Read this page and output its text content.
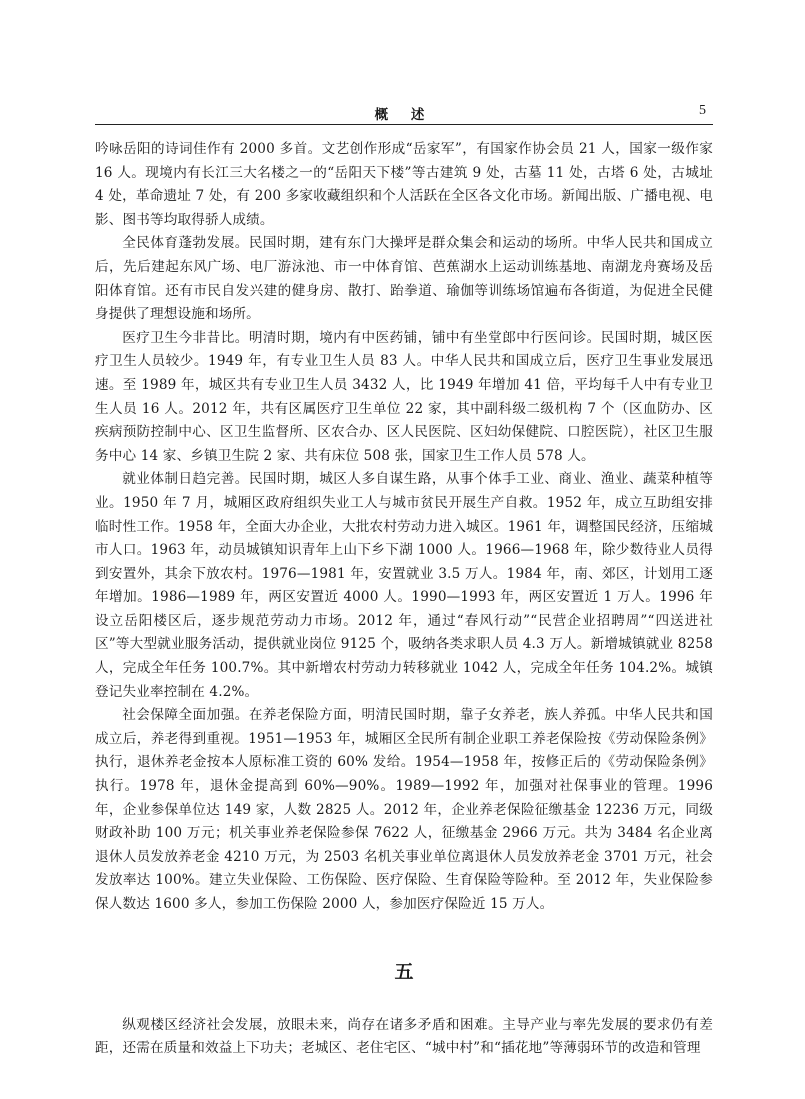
概 述	5

吟咏岳阳的诗词佳作有 2000 多首。文艺创作形成“岳家军”，有国家作协会员 21 人，国家一级作家 16 人。现境内有长江三大名楼之一的“岳阳天下楼”等古建筑 9 处，古墓 11 处，古塔 6 处，古城址 4 处，革命遗址 7 处，有 200 多家收藏组织和个人活跃在全区各文化市场。新闻出版、广播电视、电影、图书等均取得骄人成绩。

全民体育蓬勃发展。民国时期，建有东门大操坪是群众集会和运动的场所。中华人民共和国成立后，先后建起东风广场、电厂游泳池、市一中体育馆、芭蕉湖水上运动训练基地、南湖龙舟赛场及岳阳体育馆。还有市民自发兴建的健身房、散打、跆拳道、瑜伽等训练场馆遍布各街道，为促进全民健身提供了理想设施和场所。

医疗卫生今非昔比。明清时期，境内有中医药铺，铺中有坐堂郎中行医问诊。民国时期，城区医疗卫生人员较少。1949 年，有专业卫生人员 83 人。中华人民共和国成立后，医疗卫生事业发展迅速。至 1989 年，城区共有专业卫生人员 3432 人，比 1949 年增加 41 倍，平均每千人中有专业卫生人员 16 人。2012 年，共有区属医疗卫生单位 22 家，其中副科级二级机构 7 个（区血防办、区疾病预防控制中心、区卫生监督所、区农合办、区人民医院、区妇幼保健院、口腔医院），社区卫生服务中心 14 家、乡镇卫生院 2 家、共有床位 508 张，国家卫生工作人员 578 人。

就业体制日趋完善。民国时期，城区人多自谋生路，从事个体手工业、商业、渔业、蔬菜种植等业。1950 年 7 月，城厢区政府组织失业工人与城市贫民开展生产自救。1952 年，成立互助组安排临时性工作。1958 年，全面大办企业，大批农村劳动力进入城区。1961 年，调整国民经济，压缩城市人口。1963 年，动员城镇知识青年上山下乡下湖 1000 人。1966—1968 年，除少数待业人员得到安置外，其余下放农村。1976—1981 年，安置就业 3.5 万人。1984 年，南、郊区，计划用工逐年增加。1986—1989 年，两区安置近 4000 人。1990—1993 年，两区安置近 1 万人。1996 年设立岳阳楼区后，逐步规范劳动力市场。2012 年，通过“春风行动”“民营企业招聘周”“四送进社区”等大型就业服务活动，提供就业岗位 9125 个，吸纳各类求职人员 4.3 万人。新增城镇就业 8258 人，完成全年任务 100.7%。其中新增农村劳动力转移就业 1042 人，完成全年任务 104.2%。城镇登记失业率控制在 4.2%。

社会保障全面加强。在养老保险方面，明清民国时期，靠子女养老，族人养孤。中华人民共和国成立后，养老得到重视。1951—1953 年，城厢区全民所有制企业职工养老保险按《劳动保险条例》执行，退休养老金按本人原标准工资的 60% 发给。1954—1958 年，按修正后的《劳动保险条例》执行。1978 年，退休金提高到 60%—90%。1989—1992 年，加强对社保事业的管理。1996 年，企业参保单位达 149 家，人数 2825 人。2012 年，企业养老保险征缴基金 12236 万元，同级财政补助 100 万元；机关事业养老保险参保 7622 人，征缴基金 2966 万元。共为 3484 名企业离退休人员发放养老金 4210 万元，为 2503 名机关事业单位离退休人员发放养老金 3701 万元，社会发放率达 100%。建立失业保险、工伤保险、医疗保险、生育保险等险种。至 2012 年，失业保险参保人数达 1600 多人，参加工伤保险 2000 人，参加医疗保险近 15 万人。

五

纵观楼区经济社会发展，放眼未来，尚存在诸多矛盾和困难。主导产业与率先发展的要求仍有差距，还需在质量和效益上下功夫；老城区、老住宅区、“城中村”和“插花地”等薄弱环节的改造和管理
